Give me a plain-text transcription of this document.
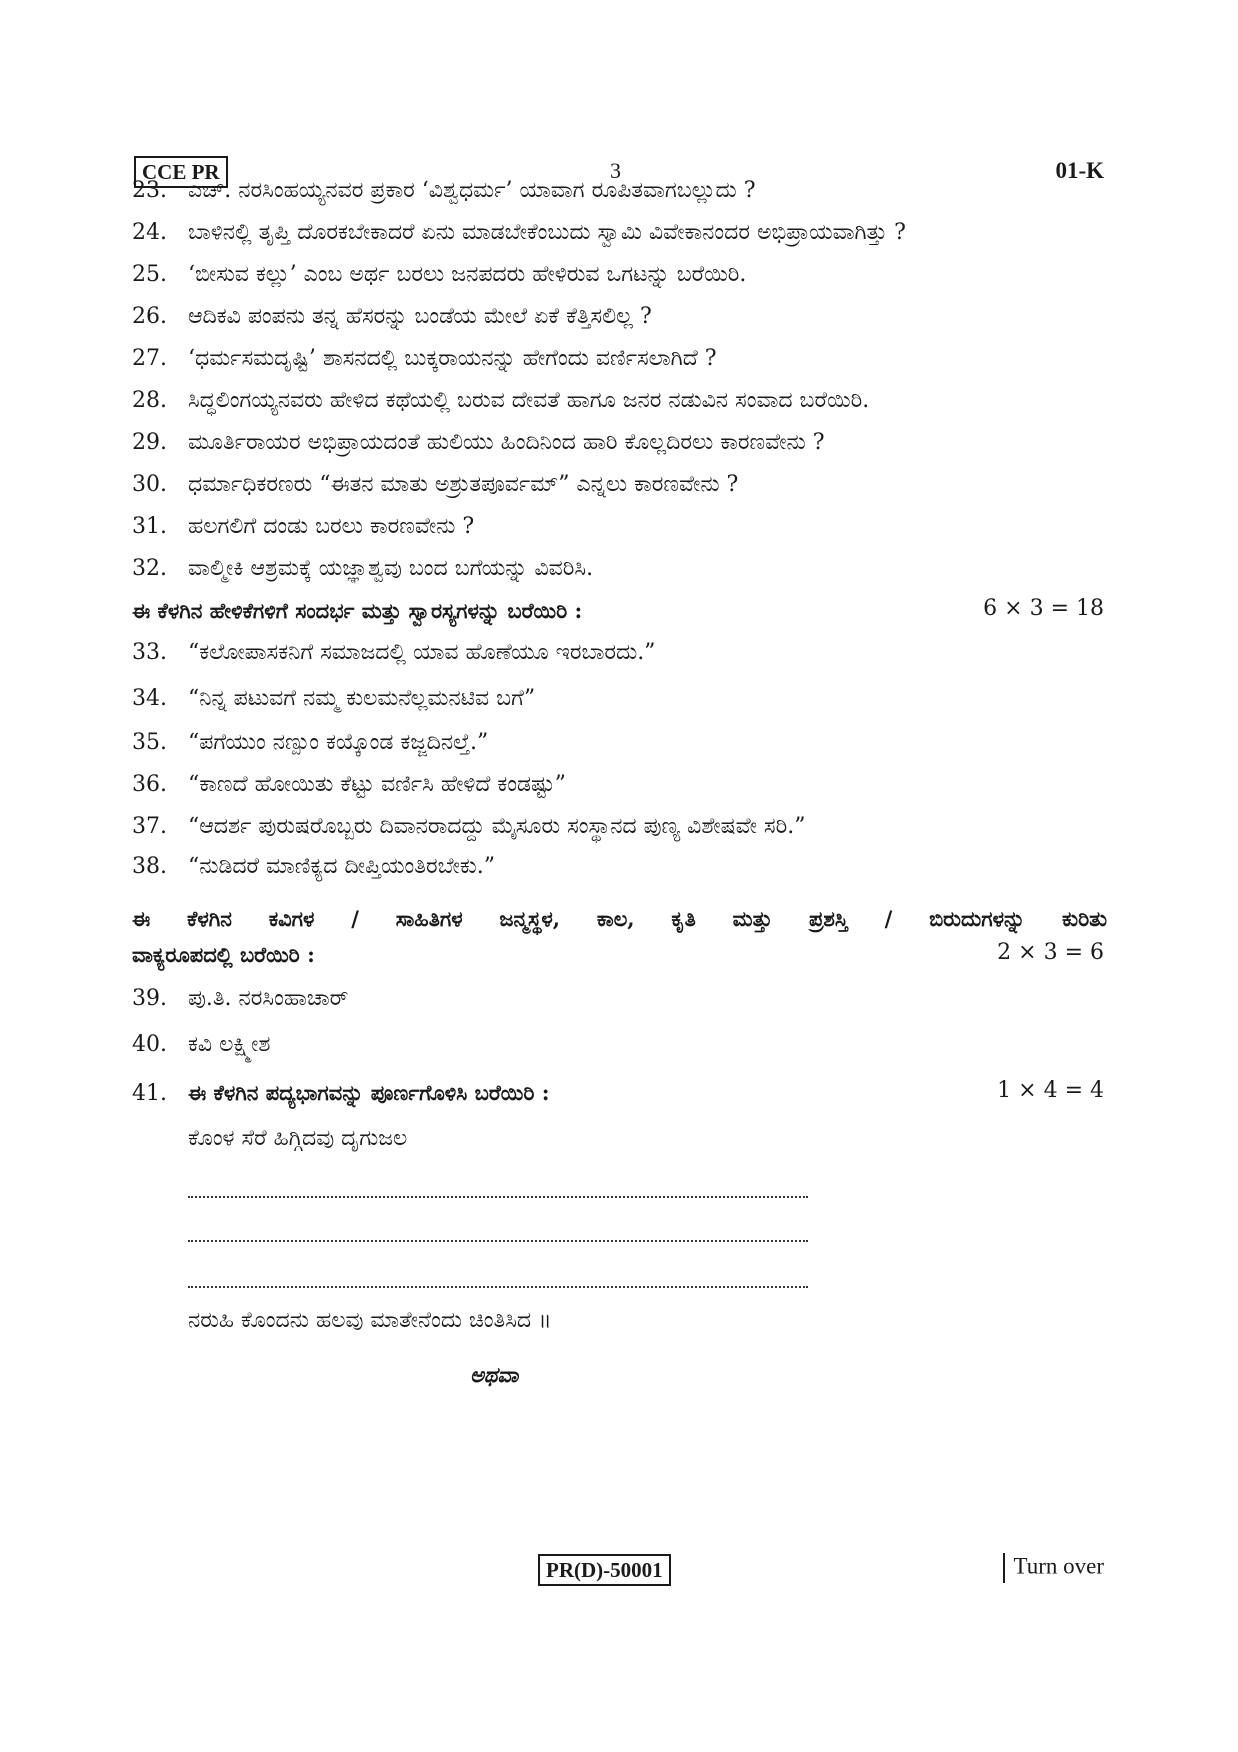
CCE PR	3	01-K
23. ಎಚ್. ನರಸಿಂಹಯ್ಯನವರ ಪ್ರಕಾರ ‘ವಿಶ್ವಧರ್ಮ’ ಯಾವಾಗ ರೂಪಿತವಾಗಬಲ್ಲುದು ?
24. ಬಾಳಿನಲ್ಲಿ ತೃಪ್ತಿ ದೊರಕಬೇಕಾದರೆ ಏನು ಮಾಡಬೇಕೆಂಬುದು ಸ್ವಾಮಿ ವಿವೇಕಾನಂದರ ಅಭಿಪ್ರಾಯವಾಗಿತ್ತು ?
25. ‘ಬೀಸುವ ಕಲ್ಲು’ ಎಂಬ ಅರ್ಥ ಬರಲು ಜನಪದರು ಹೇಳಿರುವ ಒಗಟನ್ನು ಬರೆಯಿರಿ.
26. ಆದಿಕವಿ ಪಂಪನು ತನ್ನ ಹೆಸರನ್ನು ಬಂಡೆಯ ಮೇಲೆ ಏಕೆ ಕೆತ್ತಿಸಲಿಲ್ಲ ?
27. ‘ಧರ್ಮಸಮದೃಷ್ಟಿ’ ಶಾಸನದಲ್ಲಿ ಬುಕ್ಕರಾಯನನ್ನು ಹೇಗೆಂದು ವರ್ಣಿಸಲಾಗಿದೆ ?
28. ಸಿದ್ಧಲಿಂಗಯ್ಯನವರು ಹೇಳಿದ ಕಥೆಯಲ್ಲಿ ಬರುವ ದೇವತೆ ಹಾಗೂ ಜನರ ನಡುವಿನ ಸಂವಾದ ಬರೆಯಿರಿ.
29. ಮೂರ್ತಿರಾಯರ ಅಭಿಪ್ರಾಯದಂತೆ ಹುಲಿಯು ಹಿಂದಿನಿಂದ ಹಾರಿ ಕೊಲ್ಲದಿರಲು ಕಾರಣವೇನು ?
30. ಧರ್ಮಾಧಿಕರಣರು “ಈತನ ಮಾತು ಅಶ್ರುತಪೂರ್ವಮ್” ಎನ್ನಲು ಕಾರಣವೇನು ?
31. ಹಲಗಲಿಗೆ ದಂಡು ಬರಲು ಕಾರಣವೇನು ?
32. ವಾಲ್ಮೀಕಿ ಆಶ್ರಮಕ್ಕೆ ಯಜ್ಞಾಶ್ವವು ಬಂದ ಬಗೆಯನ್ನು ವಿವರಿಸಿ.
ಈ ಕೆಳಗಿನ ಹೇಳಿಕೆಗಳಿಗೆ ಸಂದರ್ಭ ಮತ್ತು ಸ್ವಾರಸ್ಯಗಳನ್ನು ಬರೆಯಿರಿ :	6 × 3 = 18
33. “ಕಲೋಪಾಸಕನಿಗೆ ಸಮಾಜದಲ್ಲಿ ಯಾವ ಹೊಣೆಯೂ ಇರಬಾರದು.”
34. “ನಿನ್ನ ಪಟುವಗೆ ನಮ್ಮ ಕುಲಮನೆಲ್ಲಮನಟಿವ ಬಗೆ”
35. “ಪಗೆಯುಂ ನಣ್ಪುಂ ಕಯ್ಕೊಂಡ ಕಜ್ಜದಿನಲ್ತೆ.”
36. “ಕಾಣದೆ ಹೋಯಿತು ಕೆಟ್ಟು ವರ್ಣಿಸಿ ಹೇಳಿದೆ ಕಂಡಷ್ಟು”
37. “ಆದರ್ಶ ಪುರುಷರೊಬ್ಬರು ದಿವಾನರಾದದ್ದು ಮೈಸೂರು ಸಂಸ್ಥಾನದ ಪುಣ್ಯ ವಿಶೇಷವೇ ಸರಿ.”
38. “ನುಡಿದರೆ ಮಾಣಿಕ್ಯದ ದೀಪ್ತಿಯಂತಿರಬೇಕು.”
ಈ ಕೆಳಗಿನ ಕವಿಗಳ / ಸಾಹಿತಿಗಳ ಜನ್ಮಸ್ಥಳ, ಕಾಲ, ಕೃತಿ ಮತ್ತು ಪ್ರಶಸ್ತಿ / ಬಿರುದುಗಳನ್ನು ಕುರಿತು
ವಾಕ್ಯರೂಪದಲ್ಲಿ ಬರೆಯಿರಿ :	2 × 3 = 6
39. ಪು.ತಿ. ನರಸಿಂಹಾಚಾರ್
40. ಕವಿ ಲಕ್ಷ್ಮೀಶ
41. ಈ ಕೆಳಗಿನ ಪದ್ಯಭಾಗವನ್ನು ಪೂರ್ಣಗೊಳಿಸಿ ಬರೆಯಿರಿ :	1 × 4 = 4
ಕೊಂಳ ಸೆರೆ ಹಿಗ್ಗಿದವು ದೃಗುಜಲ
ನರುಹಿ ಕೊಂದನು ಹಲವು ಮಾತೇನೆಂದು ಚಿಂತಿಸಿದ ॥
ಅಥವಾ
PR(D)-50001	Turn over
